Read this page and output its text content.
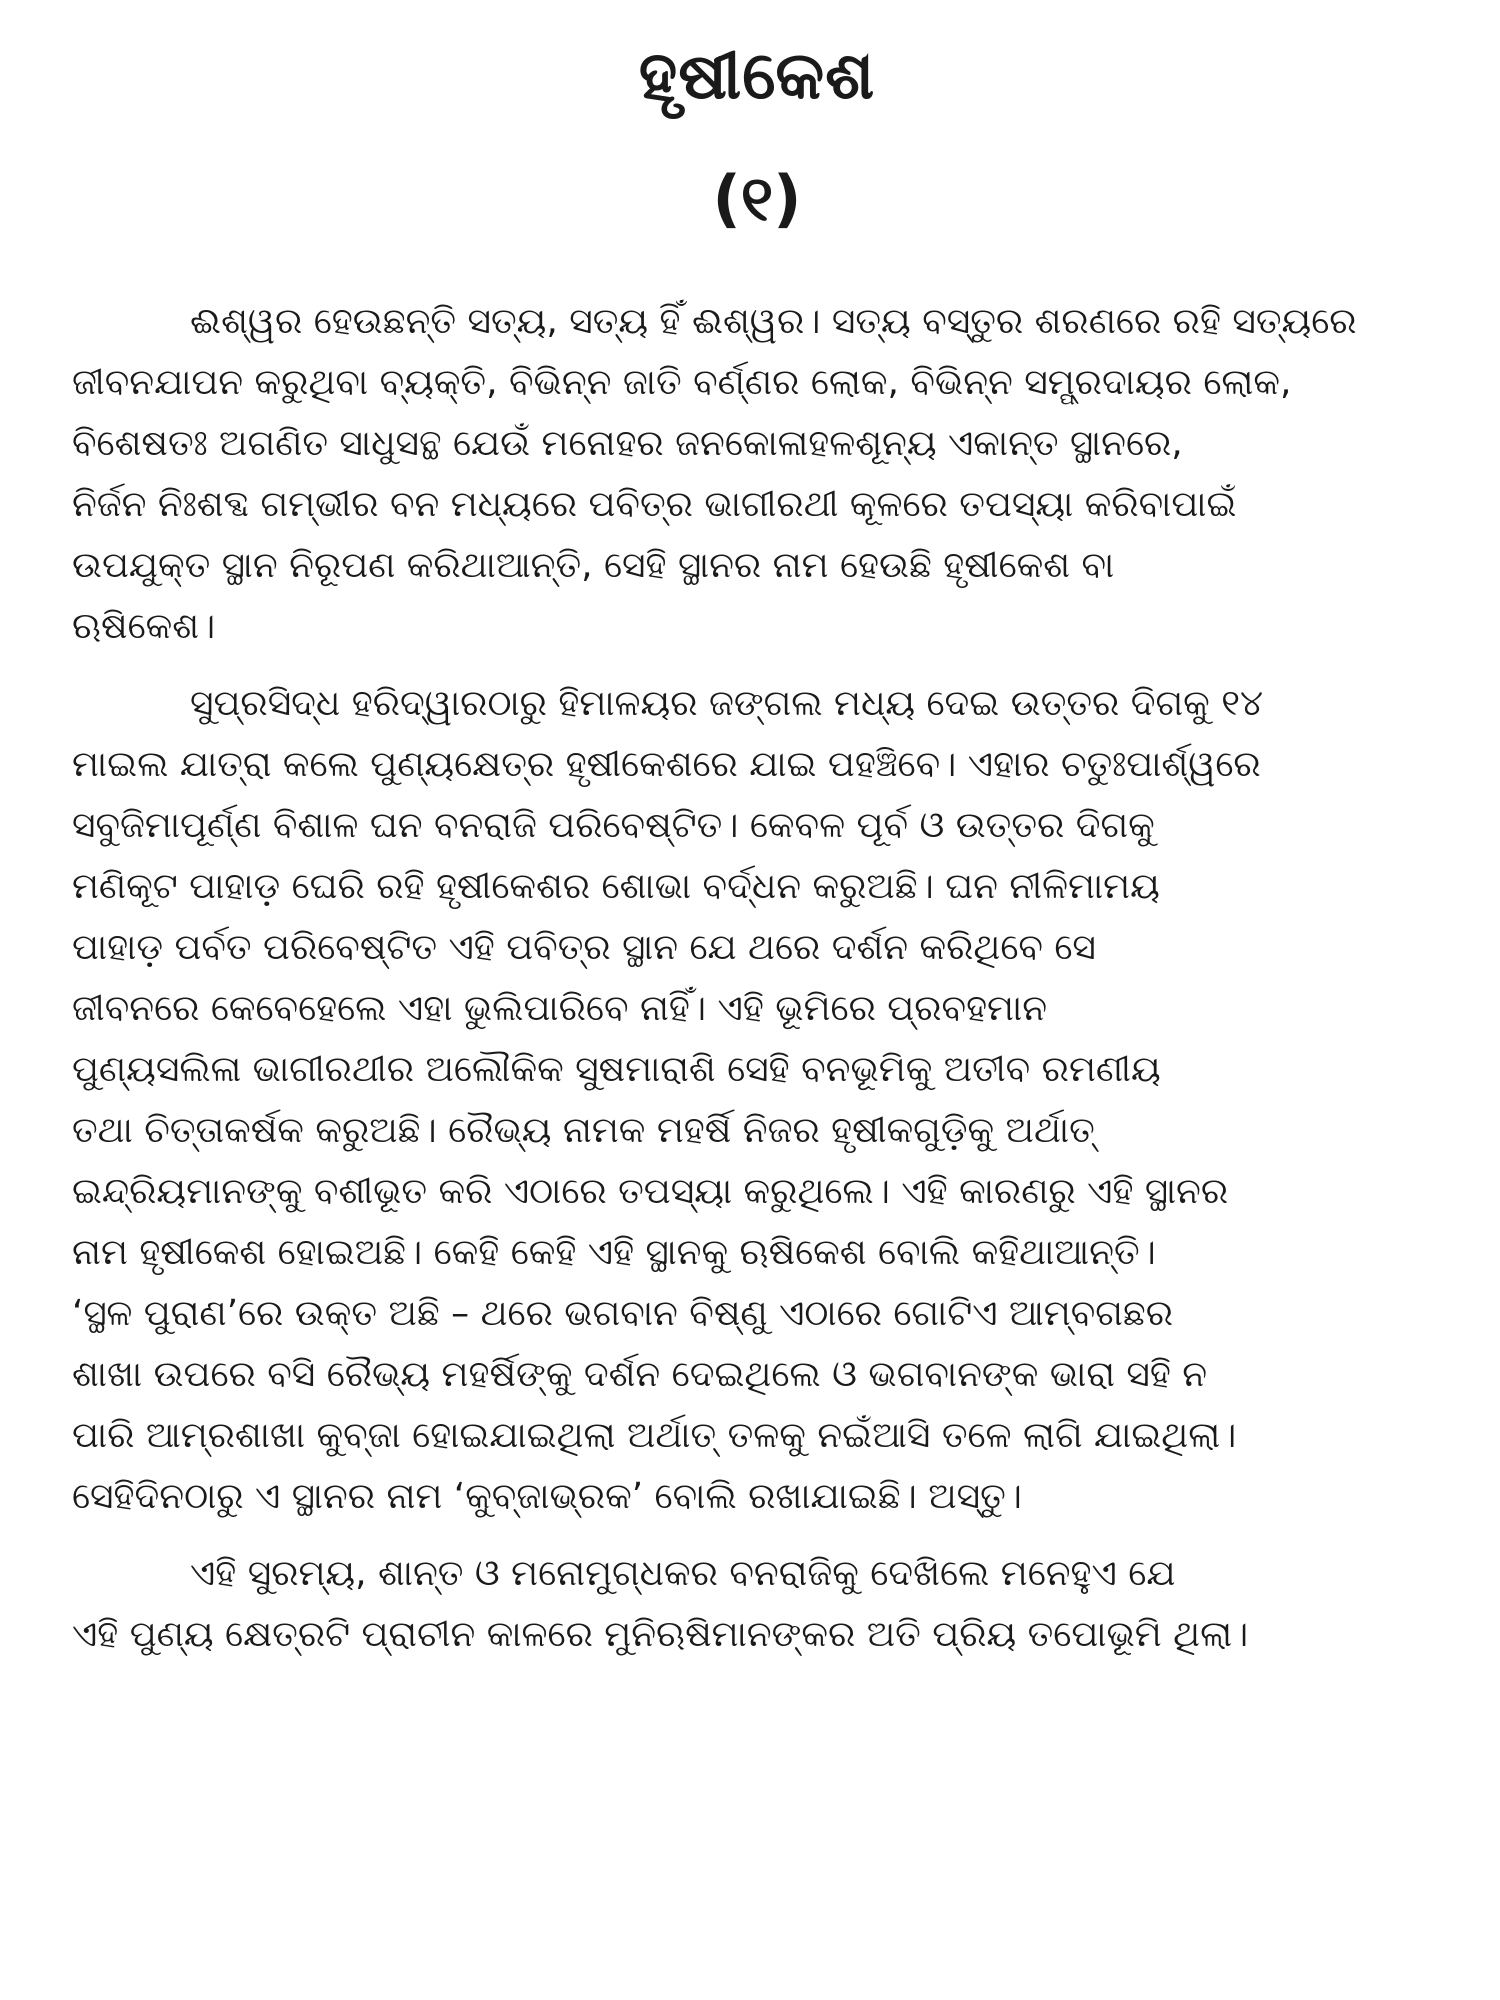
ହୃଷୀକେଶ
(୧)

ଈଶ୍ୱର ହେଉଛନ୍ତି ସତ୍ୟ, ସତ୍ୟ ହିଁ ଈଶ୍ୱର। ସତ୍ୟ ବସ୍ତୁର ଶରଣରେ ରହି ସତ୍ୟରେ
ଜୀବନଯାପନ କରୁଥିବା ବ୍ୟକ୍ତି, ବିଭିନ୍ନ ଜାତି ବର୍ଣ୍ଣର ଲୋକ, ବିଭିନ୍ନ ସମ୍ପ୍ରଦାୟର ଲୋକ,
ବିଶେଷତଃ ଅଗଣିତ ସାଧୁସନ୍ଥ ଯେଉଁ ମନୋହର ଜନକୋଳାହଳଶୂନ୍ୟ ଏକାନ୍ତ ସ୍ଥାନରେ,
ନିର୍ଜନ ନିଃଶବ୍ଦ ଗମ୍ଭୀର ବନ ମଧ୍ୟରେ ପବିତ୍ର ଭାଗୀରଥୀ କୂଳରେ ତପସ୍ୟା କରିବାପାଇଁ
ଉପଯୁକ୍ତ ସ୍ଥାନ ନିରୂପଣ କରିଥାଆନ୍ତି, ସେହି ସ୍ଥାନର ନାମ ହେଉଛି ହୃଷୀକେଶ ବା
ଋଷିକେଶ।

ସୁପ୍ରସିଦ୍ଧ ହରିଦ୍ୱାରଠାରୁ ହିମାଳୟର ଜଙ୍ଗଲ ମଧ୍ୟ ଦେଇ ଉତ୍ତର ଦିଗକୁ ୧୪
ମାଇଲ ଯାତ୍ରା କଲେ ପୁଣ୍ୟକ୍ଷେତ୍ର ହୃଷୀକେଶରେ ଯାଇ ପହଞ୍ଚିବେ। ଏହାର ଚତୁଃପାର୍ଶ୍ୱରେ
ସବୁଜିମାପୂର୍ଣ୍ଣ ବିଶାଳ ଘନ ବନରାଜି ପରିବେଷ୍ଟିତ। କେବଳ ପୂର୍ବ ଓ ଉତ୍ତର ଦିଗକୁ
ମଣିକୂଟ ପାହାଡ଼ ଘେରି ରହି ହୃଷୀକେଶର ଶୋଭା ବର୍ଦ୍ଧନ କରୁଅଛି। ଘନ ନୀଳିମାମୟ
ପାହାଡ଼ ପର୍ବତ ପରିବେଷ୍ଟିତ ଏହି ପବିତ୍ର ସ୍ଥାନ ଯେ ଥରେ ଦର୍ଶନ କରିଥିବେ ସେ
ଜୀବନରେ କେବେହେଲେ ଏହା ଭୁଲିପାରିବେ ନାହିଁ। ଏହି ଭୂମିରେ ପ୍ରବହମାନ
ପୁଣ୍ୟସଲିଳା ଭାଗୀରଥୀର ଅଲୌକିକ ସୁଷମାରାଶି ସେହି ବନଭୂମିକୁ ଅତୀବ ରମଣୀୟ
ତଥା ଚିତ୍ତାକର୍ଷକ କରୁଅଛି। ରୈଭ୍ୟ ନାମକ ମହର୍ଷି ନିଜର ହୃଷୀକଗୁଡ଼ିକୁ ଅର୍ଥାତ୍
ଇନ୍ଦ୍ରିୟମାନଙ୍କୁ ବଶୀଭୂତ କରି ଏଠାରେ ତପସ୍ୟା କରୁଥିଲେ। ଏହି କାରଣରୁ ଏହି ସ୍ଥାନର
ନାମ ହୃଷୀକେଶ ହୋଇଅଛି। କେହି କେହି ଏହି ସ୍ଥାନକୁ ଋଷିକେଶ ବୋଲି କହିଥାଆନ୍ତି।
‘ସ୍ଥଳ ପୁରାଣ’ରେ ଉକ୍ତ ଅଛି – ଥରେ ଭଗବାନ ବିଷ୍ଣୁ ଏଠାରେ ଗୋଟିଏ ଆମ୍ବଗଛର
ଶାଖା ଉପରେ ବସି ରୈଭ୍ୟ ମହର୍ଷିଙ୍କୁ ଦର୍ଶନ ଦେଇଥିଲେ ଓ ଭଗବାନଙ୍କ ଭାରା ସହି ନ
ପାରି ଆମ୍ରଶାଖା କୁବ୍ଜା ହୋଇଯାଇଥିଲା ଅର୍ଥାତ୍ ତଳକୁ ନଇଁଆସି ତଳେ ଲାଗି ଯାଇଥିଲା।
ସେହିଦିନଠାରୁ ଏ ସ୍ଥାନର ନାମ ‘କୁବ୍ଜାଭ୍ରକ’ ବୋଲି ରଖାଯାଇଛି। ଅସ୍ତୁ।

ଏହି ସୁରମ୍ୟ, ଶାନ୍ତ ଓ ମନୋମୁଗ୍ଧକର ବନରାଜିକୁ ଦେଖିଲେ ମନେହୁଏ ଯେ
ଏହି ପୁଣ୍ୟ କ୍ଷେତ୍ରଟି ପ୍ରାଚୀନ କାଳରେ ମୁନିଋଷିମାନଙ୍କର ଅତି ପ୍ରିୟ ତପୋଭୂମି ଥିଲା।
